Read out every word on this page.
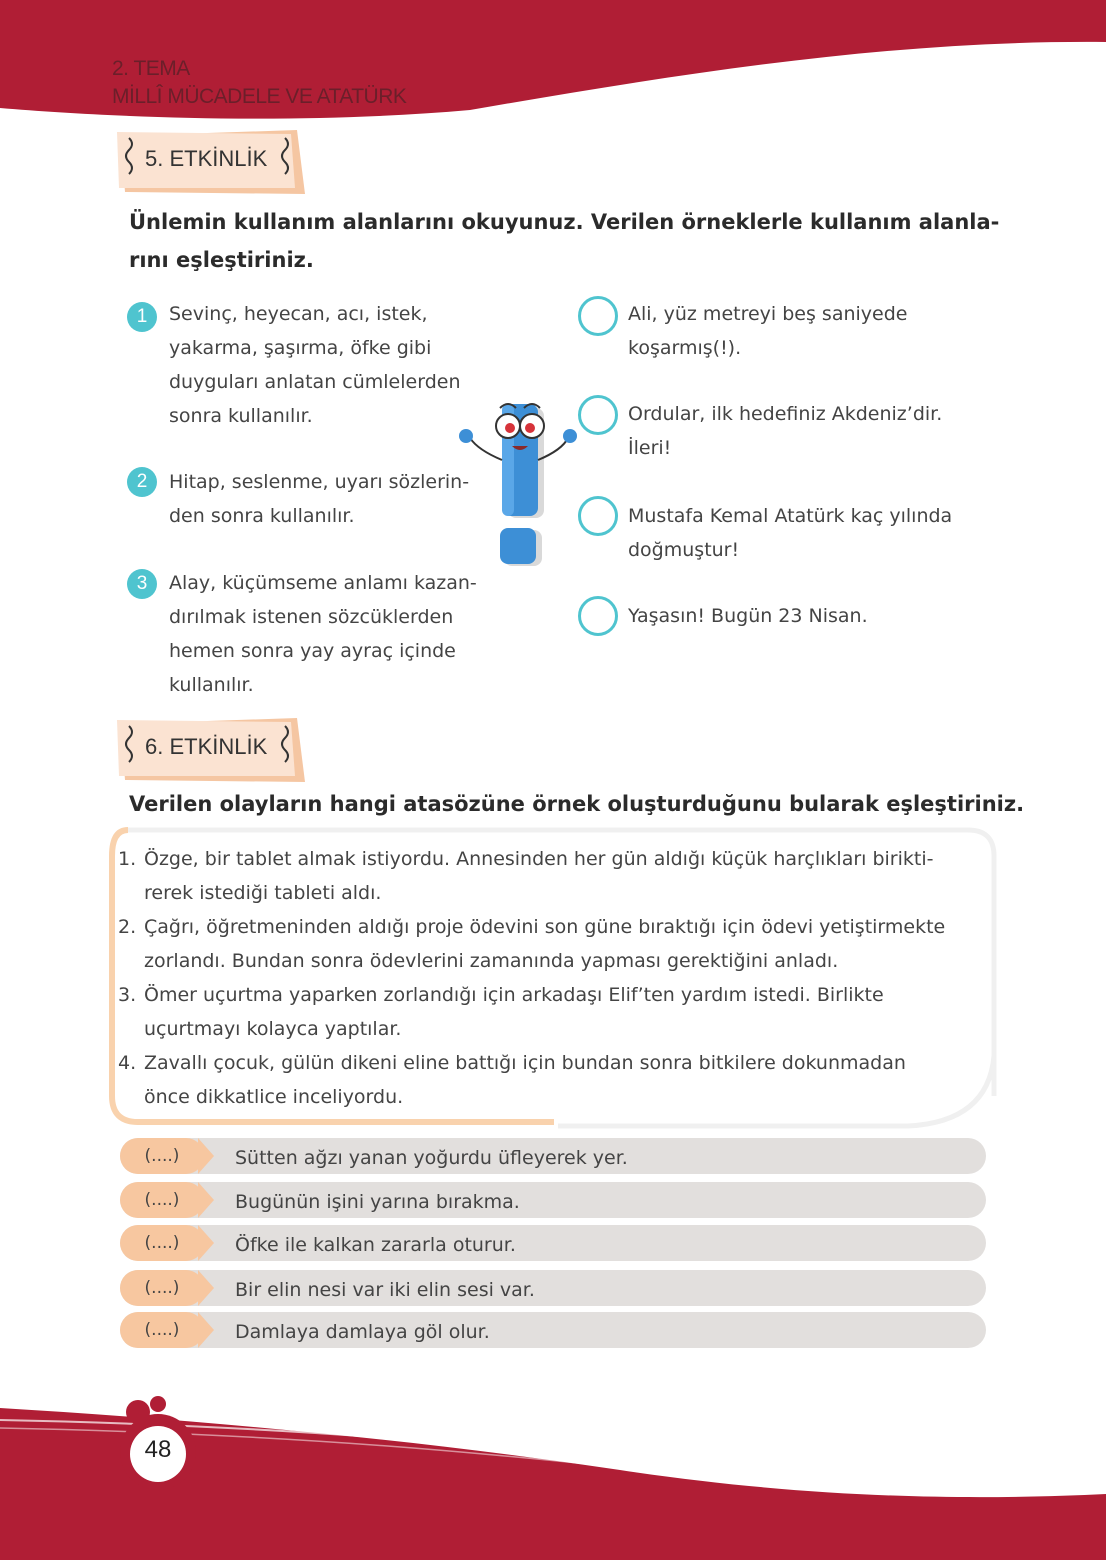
2. TEMA
MİLLÎ MÜCADELE VE ATATÜRK
5. ETKİNLİK
Ünlemin kullanım alanlarını okuyunuz. Verilen örneklerle kullanım alanla-
rını eşleştiriniz.
1	Sevinç, heyecan, acı, istek,
yakarma, şaşırma, öfke gibi
duyguları anlatan cümlelerden
sonra kullanılır.
2	Hitap, seslenme, uyarı sözlerin-
den sonra kullanılır.
3	Alay, küçümseme anlamı kazan-
dırılmak istenen sözcüklerden
hemen sonra yay ayraç içinde
kullanılır.
Ali, yüz metreyi beş saniyede
koşarmış(!).
Ordular, ilk hedefiniz Akdeniz’dir.
İleri!
Mustafa Kemal Atatürk kaç yılında
doğmuştur!
Yaşasın! Bugün 23 Nisan.
6. ETKİNLİK
Verilen olayların hangi atasözüne örnek oluşturduğunu bularak eşleştiriniz.
1. Özge, bir tablet almak istiyordu. Annesinden her gün aldığı küçük harçlıkları birikti-
rerek istediği tableti aldı.
2. Çağrı, öğretmeninden aldığı proje ödevini son güne bıraktığı için ödevi yetiştirmekte
zorlandı. Bundan sonra ödevlerini zamanında yapması gerektiğini anladı.
3. Ömer uçurtma yaparken zorlandığı için arkadaşı Elif’ten yardım istedi. Birlikte
uçurtmayı kolayca yaptılar.
4. Zavallı çocuk, gülün dikeni eline battığı için bundan sonra bitkilere dokunmadan
önce dikkatlice inceliyordu.
(....)	Sütten ağzı yanan yoğurdu üfleyerek yer.
(....)	Bugünün işini yarına bırakma.
(....)	Öfke ile kalkan zararla oturur.
(....)	Bir elin nesi var iki elin sesi var.
(....)	Damlaya damlaya göl olur.
48
